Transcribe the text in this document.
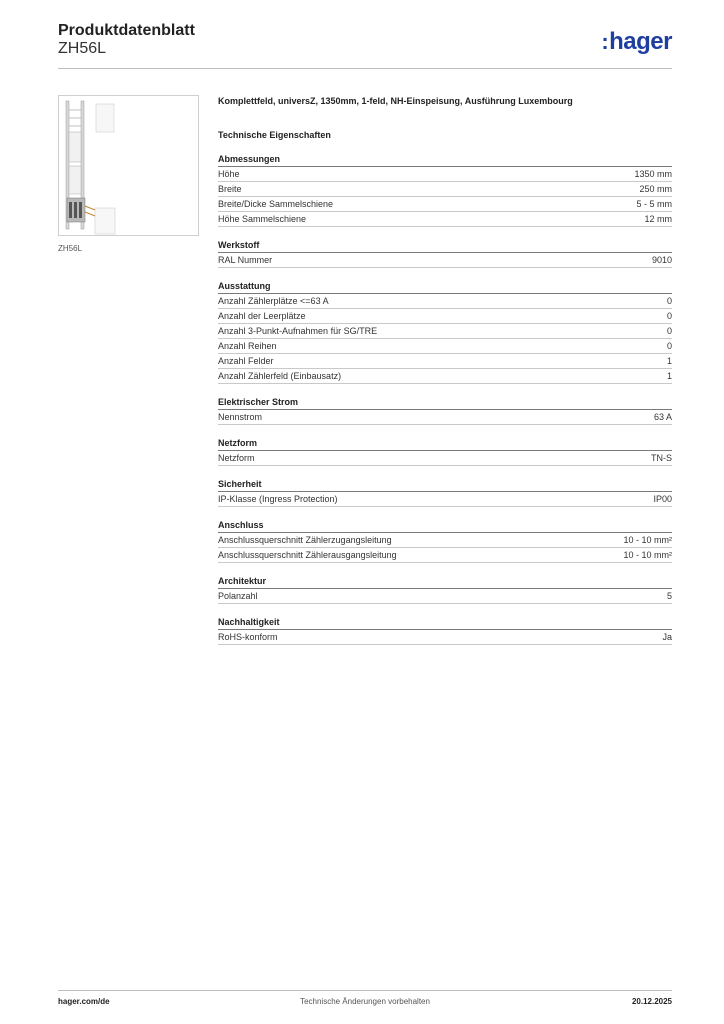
Produktdatenblatt
ZH56L	:hager
ZH56L
Komplettfeld, universZ, 1350mm, 1-feld, NH-Einspeisung, Ausführung Luxembourg
Technische Eigenschaften
Abmessungen
Höhe	1350 mm
Breite	250 mm
Breite/Dicke Sammelschiene	5 - 5 mm
Höhe Sammelschiene	12 mm
Werkstoff
RAL Nummer	9010
Ausstattung
Anzahl Zählerplätze <=63 A	0
Anzahl der Leerplätze	0
Anzahl 3-Punkt-Aufnahmen für SG/TRE	0
Anzahl Reihen	0
Anzahl Felder	1
Anzahl Zählerfeld (Einbausatz)	1
Elektrischer Strom
Nennstrom	63 A
Netzform
Netzform	TN-S
Sicherheit
IP-Klasse (Ingress Protection)	IP00
Anschluss
Anschlussquerschnitt Zählerzugangsleitung	10 - 10 mm²
Anschlussquerschnitt Zählerausgangsleitung	10 - 10 mm²
Architektur
Polanzahl	5
Nachhaltigkeit
RoHS-konform	Ja
hager.com/de	Technische Änderungen vorbehalten	20.12.2025
